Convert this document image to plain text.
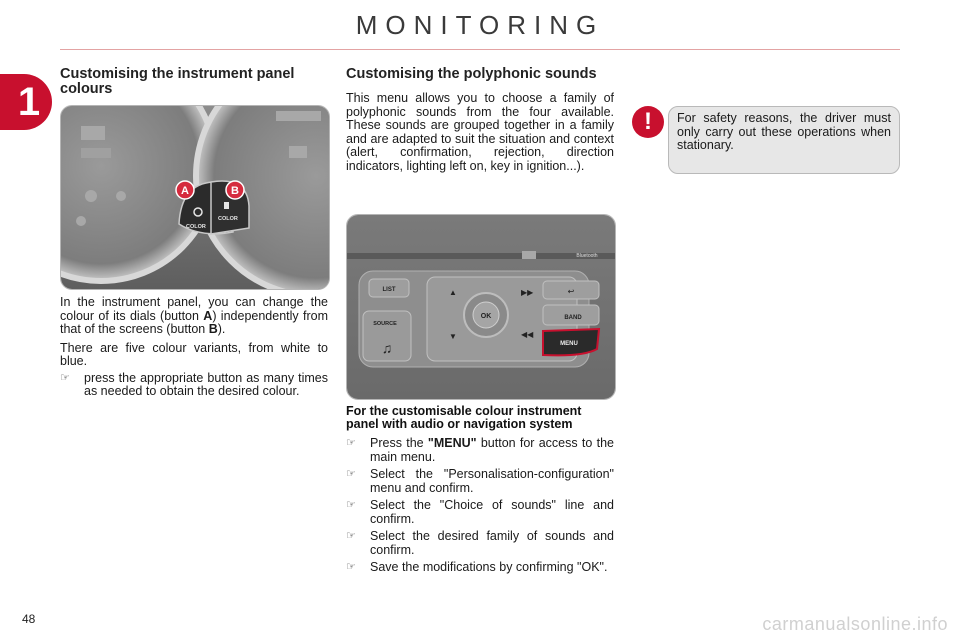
MONITORING
1
Customising the instrument panel colours
COLOR
COLOR
A	B

In the instrument panel, you can change the colour of its dials (button A) independently from that of the screens (button B).

There are five colour variants, from white to blue.

☞ press the appropriate button as many times as needed to obtain the desired colour.
Customising the polyphonic sounds

This menu allows you to choose a family of polyphonic sounds from the four available. These sounds are grouped together in a family and are adapted to suit the situation and context (alert, confirmation, rejection, direction indicators, lighting left on, key in ignition...).

LIST
SOURCE
♫
OK
▲
▼
▶▶
◀◀
BAND
MENU
↩
Bluetooth
For the customisable colour instrument panel with audio or navigation system
☞ Press the "MENU" button for access to the main menu.
☞ Select the "Personalisation-configuration" menu and confirm.
☞ Select the "Choice of sounds" line and confirm.
☞ Select the desired family of sounds and confirm.
☞ Save the modifications by confirming "OK".
!	For safety reasons, the driver must only carry out these operations when stationary.

48	carmanualsonline.info
